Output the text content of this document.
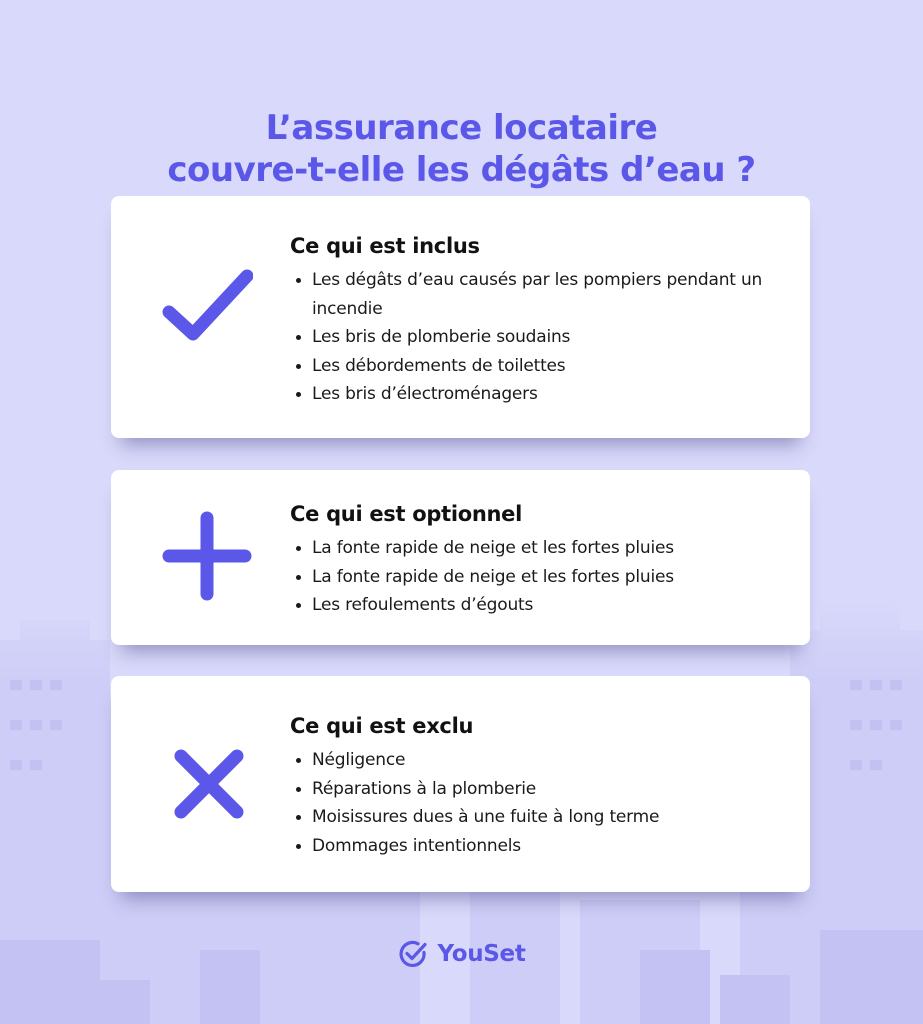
L’assurance locataire
couvre-t-elle les dégâts d’eau ?
Ce qui est inclus
Les dégâts d’eau causés par les pompiers pendant un incendie
Les bris de plomberie soudains
Les débordements de toilettes
Les bris d’électroménagers
Ce qui est optionnel
La fonte rapide de neige et les fortes pluies
La fonte rapide de neige et les fortes pluies
Les refoulements d’égouts
Ce qui est exclu
Négligence
Réparations à la plomberie
Moisissures dues à une fuite à long terme
Dommages intentionnels
YouSet
